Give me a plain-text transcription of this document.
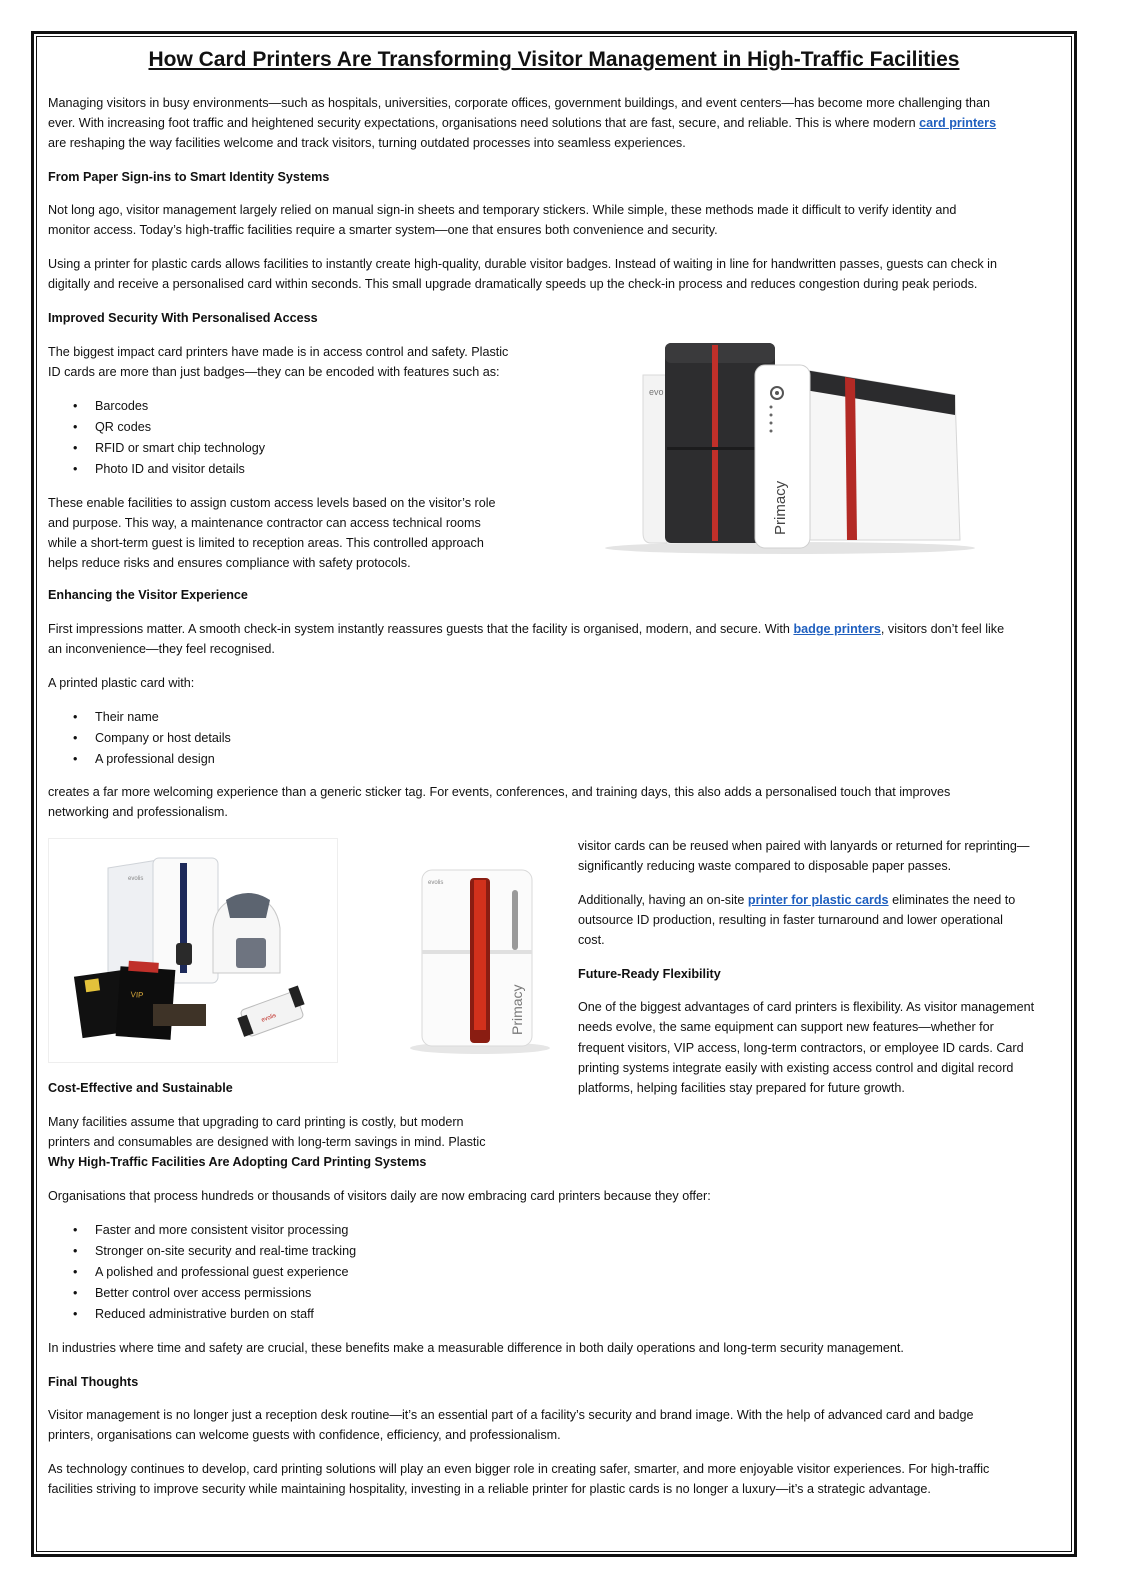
How Card Printers Are Transforming Visitor Management in High-Traffic Facilities

Managing visitors in busy environments—such as hospitals, universities, corporate offices, government buildings, and event centers—has become more challenging than

ever. With increasing foot traffic and heightened security expectations, organisations need solutions that are fast, secure, and reliable. This is where modern card printers

are reshaping the way facilities welcome and track visitors, turning outdated processes into seamless experiences.

From Paper Sign-ins to Smart Identity Systems

Not long ago, visitor management largely relied on manual sign-in sheets and temporary stickers. While simple, these methods made it difficult to verify identity and

monitor access. Today’s high-traffic facilities require a smarter system—one that ensures both convenience and security.

Using a printer for plastic cards allows facilities to instantly create high-quality, durable visitor badges. Instead of waiting in line for handwritten passes, guests can check in

digitally and receive a personalised card within seconds. This small upgrade dramatically speeds up the check-in process and reduces congestion during peak periods.

Improved Security With Personalised Access

The biggest impact card printers have made is in access control and safety. Plastic

ID cards are more than just badges—they can be encoded with features such as:

• Barcodes
• QR codes
• RFID or smart chip technology
• Photo ID and visitor details

These enable facilities to assign custom access levels based on the visitor’s role

and purpose. This way, a maintenance contractor can access technical rooms

while a short-term guest is limited to reception areas. This controlled approach

helps reduce risks and ensures compliance with safety protocols.

evo
Primacy

Enhancing the Visitor Experience

First impressions matter. A smooth check-in system instantly reassures guests that the facility is organised, modern, and secure. With badge printers, visitors don’t feel like

an inconvenience—they feel recognised.

A printed plastic card with:

• Their name
• Company or host details
• A professional design

creates a far more welcoming experience than a generic sticker tag. For events, conferences, and training days, this also adds a personalised touch that improves

networking and professionalism.

evolis
VIP
evolis
evolis
Primacy

visitor cards can be reused when paired with lanyards or returned for reprinting—

significantly reducing waste compared to disposable paper passes.

Additionally, having an on-site printer for plastic cards eliminates the need to

outsource ID production, resulting in faster turnaround and lower operational

cost.

Future-Ready Flexibility

One of the biggest advantages of card printers is flexibility. As visitor management

needs evolve, the same equipment can support new features—whether for

frequent visitors, VIP access, long-term contractors, or employee ID cards. Card

printing systems integrate easily with existing access control and digital record

platforms, helping facilities stay prepared for future growth.

Cost-Effective and Sustainable

Many facilities assume that upgrading to card printing is costly, but modern

printers and consumables are designed with long-term savings in mind. Plastic

Why High-Traffic Facilities Are Adopting Card Printing Systems

Organisations that process hundreds or thousands of visitors daily are now embracing card printers because they offer:

• Faster and more consistent visitor processing
• Stronger on-site security and real-time tracking
• A polished and professional guest experience
• Better control over access permissions
• Reduced administrative burden on staff

In industries where time and safety are crucial, these benefits make a measurable difference in both daily operations and long-term security management.

Final Thoughts

Visitor management is no longer just a reception desk routine—it’s an essential part of a facility’s security and brand image. With the help of advanced card and badge

printers, organisations can welcome guests with confidence, efficiency, and professionalism.

As technology continues to develop, card printing solutions will play an even bigger role in creating safer, smarter, and more enjoyable visitor experiences. For high-traffic

facilities striving to improve security while maintaining hospitality, investing in a reliable printer for plastic cards is no longer a luxury—it’s a strategic advantage.
